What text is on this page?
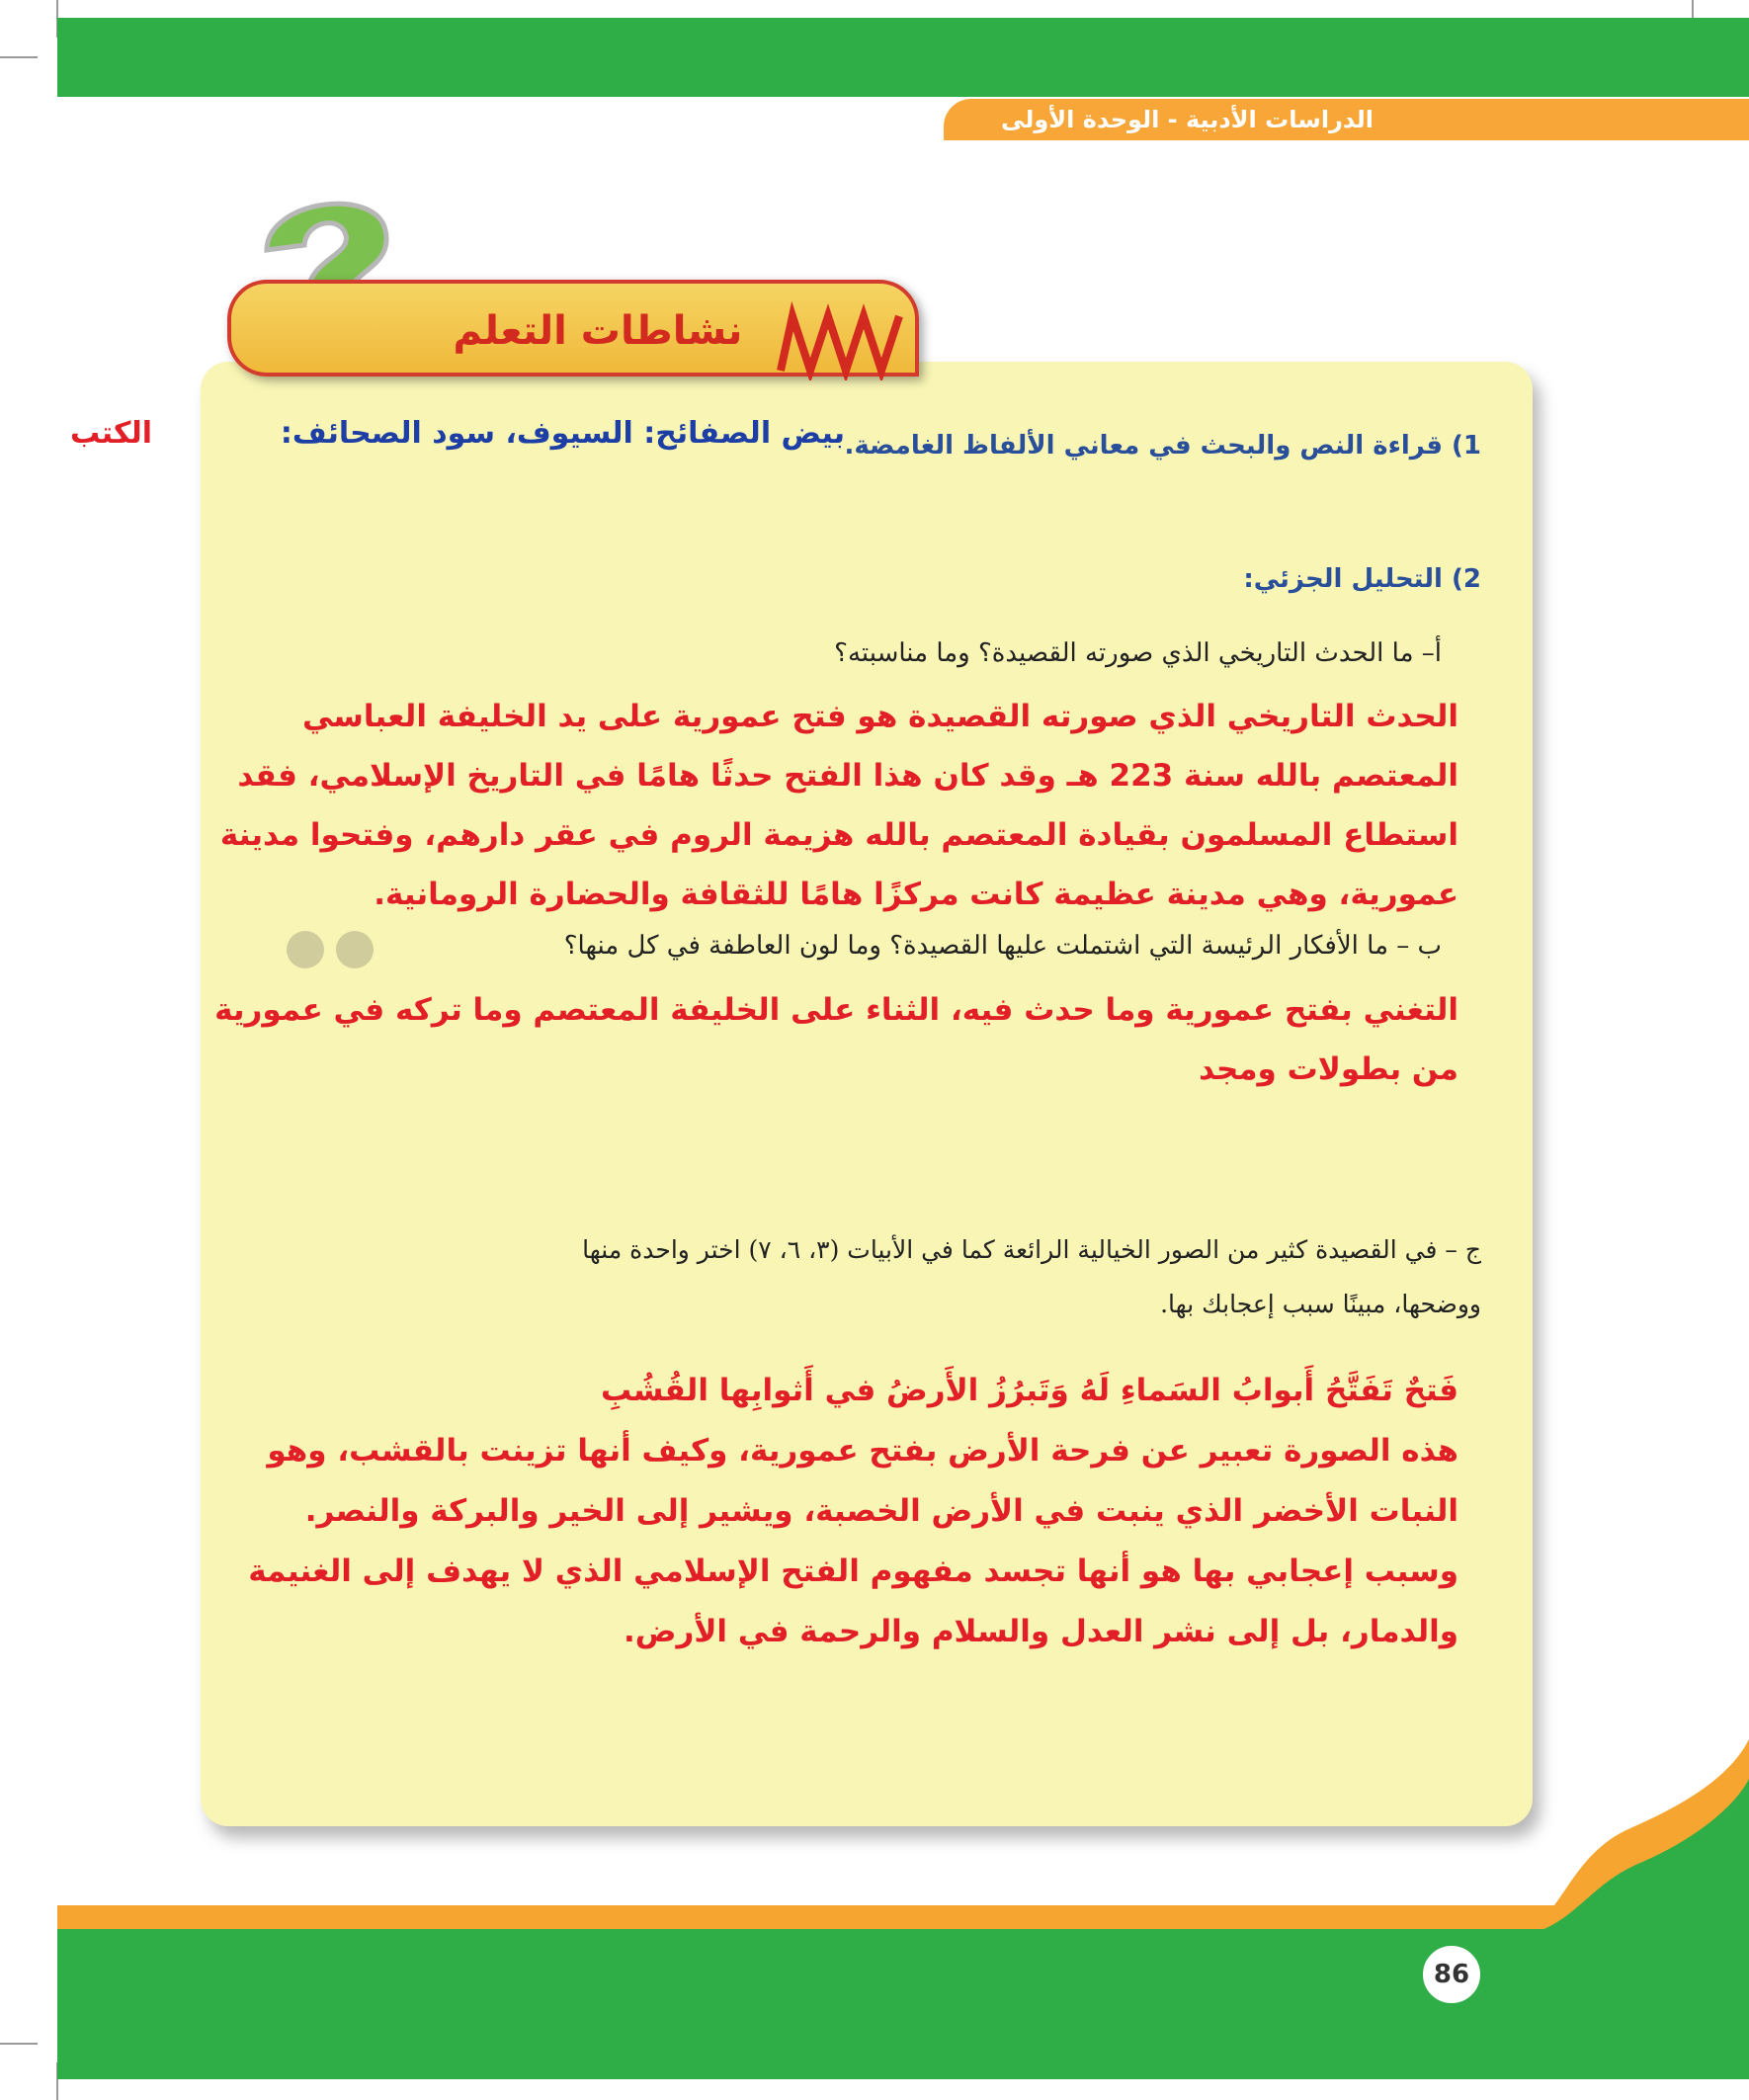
الدراسات الأدبية - الوحدة الأولى
نشاطات التعلم

1) قراءة النص والبحث في معاني الألفاظ الغامضة.

بيض الصفائح: السيوف، سود الصحائف:

الكتب

2) التحليل الجزئي:

أ– ما الحدث التاريخي الذي صورته القصيدة؟ وما مناسبته؟

الحدث التاريخي الذي صورته القصيدة هو فتح عمورية على يد الخليفة العباسي

المعتصم بالله سنة 223 هـ وقد كان هذا الفتح حدثًا هامًا في التاريخ الإسلامي، فقد

استطاع المسلمون بقيادة المعتصم بالله هزيمة الروم في عقر دارهم، وفتحوا مدينة

عمورية، وهي مدينة عظيمة كانت مركزًا هامًا للثقافة والحضارة الرومانية.

ب – ما الأفكار الرئيسة التي اشتملت عليها القصيدة؟ وما لون العاطفة في كل منها؟

التغني بفتح عمورية وما حدث فيه، الثناء على الخليفة المعتصم وما تركه في عمورية

من بطولات ومجد

ج – في القصيدة كثير من الصور الخيالية الرائعة كما في الأبيات (٣، ٦، ٧) اختر واحدة منها

ووضحها، مبينًا سبب إعجابك بها.

فَتحٌ تَفَتَّحُ أَبوابُ السَماءِ لَهُ وَتَبرُزُ الأَرضُ في أَثوابِها القُشُبِ

هذه الصورة تعبير عن فرحة الأرض بفتح عمورية، وكيف أنها تزينت بالقشب، وهو

النبات الأخضر الذي ينبت في الأرض الخصبة، ويشير إلى الخير والبركة والنصر.

وسبب إعجابي بها هو أنها تجسد مفهوم الفتح الإسلامي الذي لا يهدف إلى الغنيمة

والدمار، بل إلى نشر العدل والسلام والرحمة في الأرض.

86
